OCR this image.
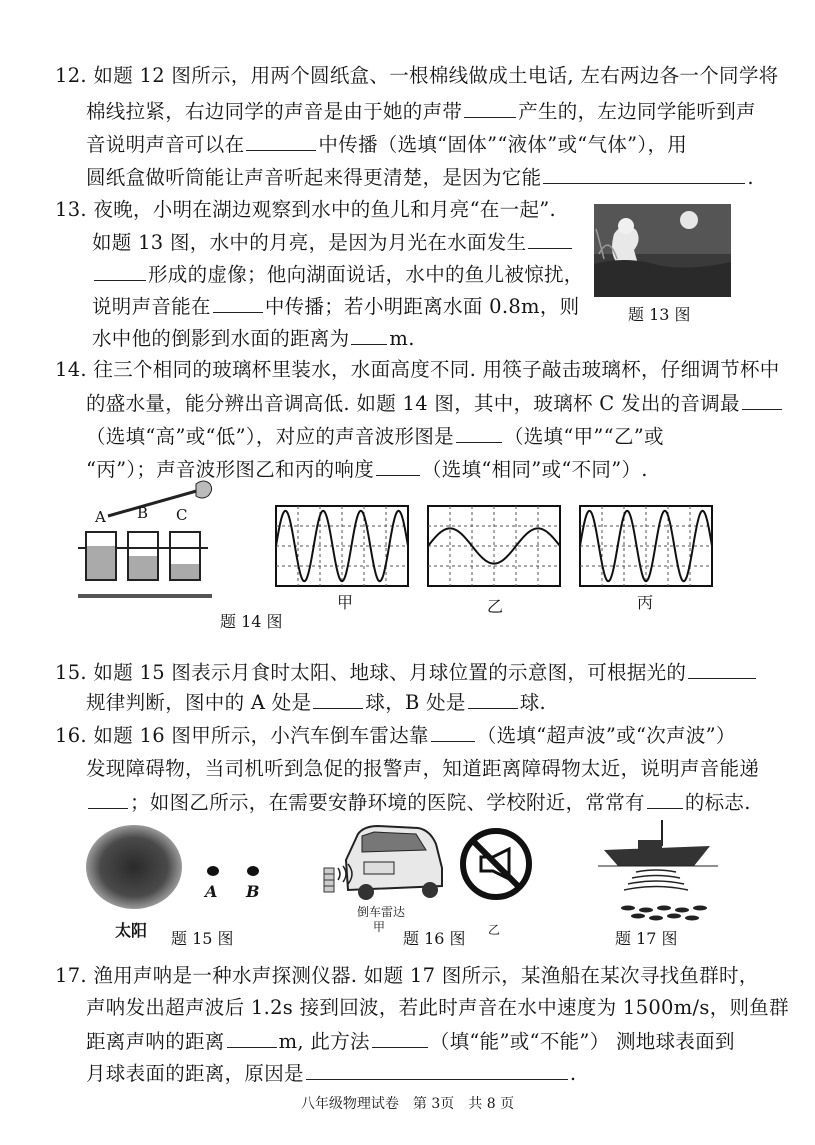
12. 如题 12 图所示，用两个圆纸盒、一根棉线做成土电话, 左右两边各一个同学将
棉线拉紧，右边同学的声音是由于她的声带	产生的，左边同学能听到声
音说明声音可以在	中传播（选填“固体”“液体”或“气体”），用
圆纸盒做听筒能让声音听起来得更清楚，是因为它能	.
13. 夜晚，小明在湖边观察到水中的鱼儿和月亮“在一起”.
如题 13 图，水中的月亮，是因为月光在水面发生
形成的虚像；他向湖面说话，水中的鱼儿被惊扰，
说明声音能在	中传播；若小明距离水面 0.8m，则
水中他的倒影到水面的距离为 m.
题 13 图
14. 往三个相同的玻璃杯里装水，水面高度不同. 用筷子敲击玻璃杯，仔细调节杯中
的盛水量，能分辨出音调高低. 如题 14 图，其中，玻璃杯 C 发出的音调最
（选填“高”或“低”），对应的声音波形图是	（选填“甲”“乙”或
“丙”）；声音波形图乙和丙的响度 （选填“相同”或“不同”）.
A B C
题 14 图
甲	乙	丙
15. 如题 15 图表示月食时太阳、地球、月球位置的示意图，可根据光的
规律判断，图中的 A 处是	球，B 处是	球.
16. 如题 16 图甲所示，小汽车倒车雷达靠 （选填“超声波”或“次声波”）
发现障碍物，当司机听到急促的报警声，知道距离障碍物太近，说明声音能递
；如图乙所示，在需要安静环境的医院、学校附近，常常有 的标志.
A B
太阳 题 15 图
倒车雷达
甲	乙
题 16 图	题 17 图
17. 渔用声呐是一种水声探测仪器. 如题 17 图所示，某渔船在某次寻找鱼群时，
声呐发出超声波后 1.2s 接到回波，若此时声音在水中速度为 1500m/s，则鱼群
距离声呐的距离	m, 此方法	（填“能”或“不能”） 测地球表面到
月球表面的距离，原因是	.
八年级物理试卷　第 3页　共 8 页
